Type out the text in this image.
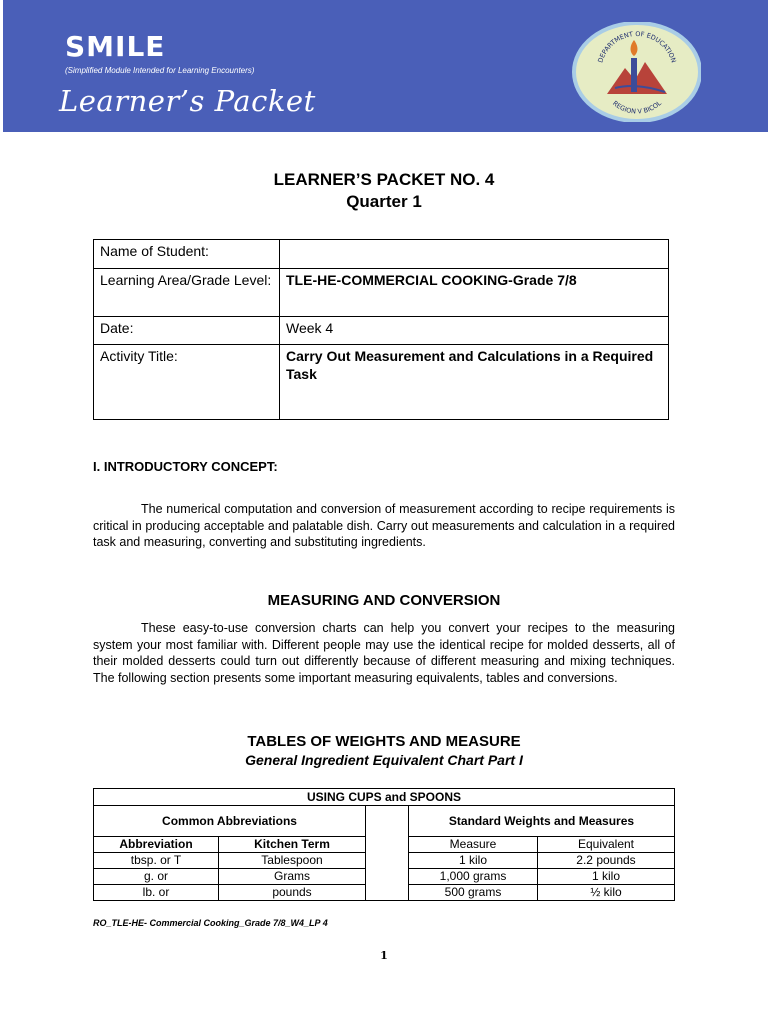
SMILE
(Simplified Module Intended for Learning Encounters)
Learner’s Packet
DEPARTMENT OF EDUCATION
REGION V BICOL
LEARNER’S PACKET NO. 4
Quarter 1
Name of Student:	
Learning Area/Grade Level:	TLE-HE-COMMERCIAL COOKING-Grade 7/8
Date:	Week 4
Activity Title:	Carry Out Measurement and Calculations in a Required Task
I. INTRODUCTORY CONCEPT:
The numerical computation and conversion of measurement according to recipe requirements is critical in producing acceptable and palatable dish. Carry out measurements and calculation in a required task and measuring, converting and substituting ingredients.
MEASURING AND CONVERSION
These easy-to-use conversion charts can help you convert your recipes to the measuring system your most familiar with. Different people may use the identical recipe for molded desserts, all of their molded desserts could turn out differently because of different measuring and mixing techniques. The following section presents some important measuring equivalents, tables and conversions.
TABLES OF WEIGHTS AND MEASURE
General Ingredient Equivalent Chart Part I
USING CUPS and SPOONS				
Common Abbreviations			Standard Weights and Measures	
Abbreviation	Kitchen Term		Measure	Equivalent
tbsp. or T	Tablespoon		1 kilo	2.2 pounds
g. or	Grams		1,000 grams	1 kilo
lb. or	pounds		500 grams	½ kilo
RO_TLE-HE- Commercial Cooking_Grade 7/8_W4_LP 4
1
